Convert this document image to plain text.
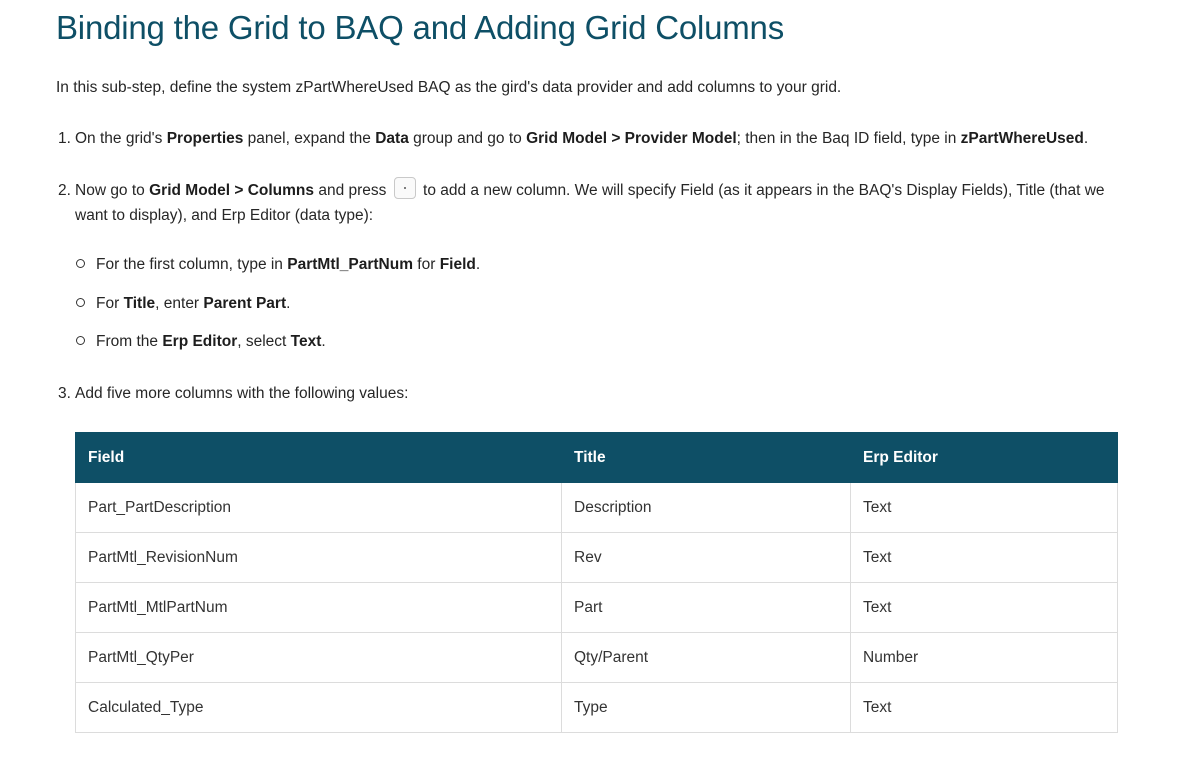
Binding the Grid to BAQ and Adding Grid Columns

In this sub-step, define the system zPartWhereUsed BAQ as the gird's data provider and add columns to your grid.

1. On the grid's Properties panel, expand the Data group and go to Grid Model > Provider Model; then in the Baq ID field, type in zPartWhereUsed.

2. Now go to Grid Model > Columns and press  to add a new column. We will specify Field (as it appears in the BAQ's Display Fields), Title (that we
want to display), and Erp Editor (data type):

For the first column, type in PartMtl_PartNum for Field.

For Title, enter Parent Part.

From the Erp Editor, select Text.

3. Add five more columns with the following values:

Field	Title	Erp Editor
Part_PartDescription	Description	Text
PartMtl_RevisionNum	Rev	Text
PartMtl_MtlPartNum	Part	Text
PartMtl_QtyPer	Qty/Parent	Number
Calculated_Type	Type	Text
